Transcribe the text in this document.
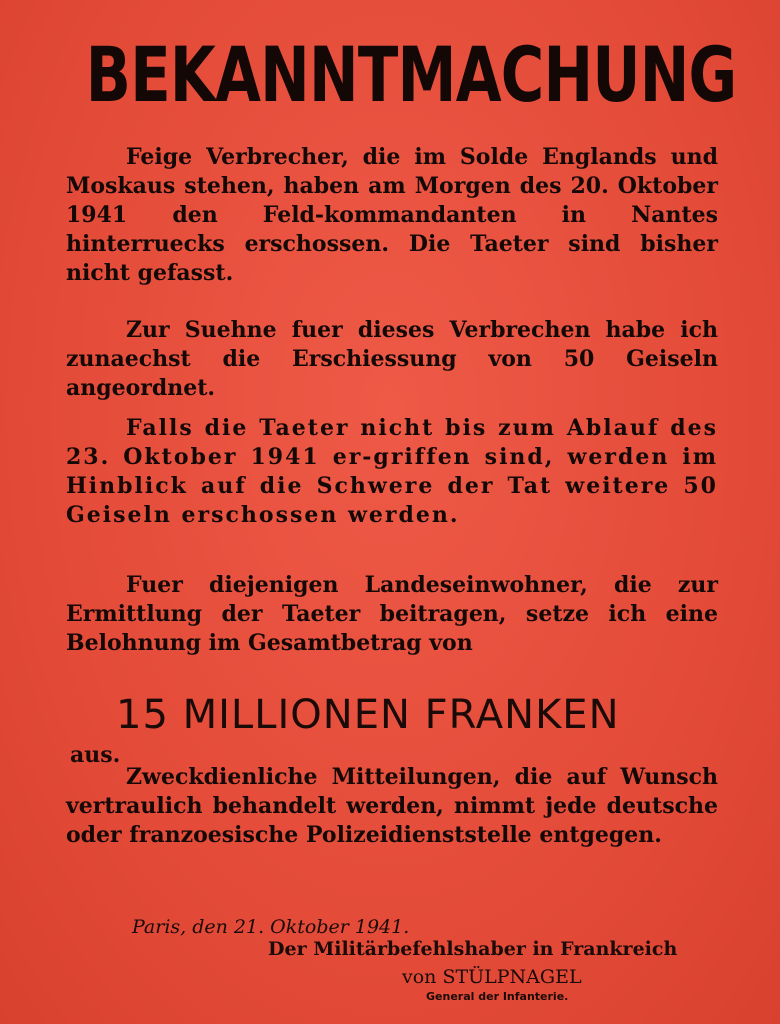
BEKANNTMACHUNG
Feige Verbrecher, die im Solde Englands und Moskaus stehen, haben am Morgen des 20. Oktober 1941 den Feld-kommandanten in Nantes hinterruecks erschossen. Die Taeter sind bisher nicht gefasst.
Zur Suehne fuer dieses Verbrechen habe ich zunaechst die Erschiessung von 50 Geiseln angeordnet.
Falls die Taeter nicht bis zum Ablauf des 23. Oktober 1941 er-griffen sind, werden im Hinblick auf die Schwere der Tat weitere 50 Geiseln erschossen werden.
Fuer diejenigen Landeseinwohner, die zur Ermittlung der Taeter beitragen, setze ich eine Belohnung im Gesamtbetrag von
15 MILLIONEN FRANKEN
aus.
Zweckdienliche Mitteilungen, die auf Wunsch vertraulich behandelt werden, nimmt jede deutsche oder franzoesische Polizeidienststelle entgegen.
Paris, den 21. Oktober 1941.
Der Militärbefehlshaber in Frankreich
von STÜLPNAGEL
General der Infanterie.
